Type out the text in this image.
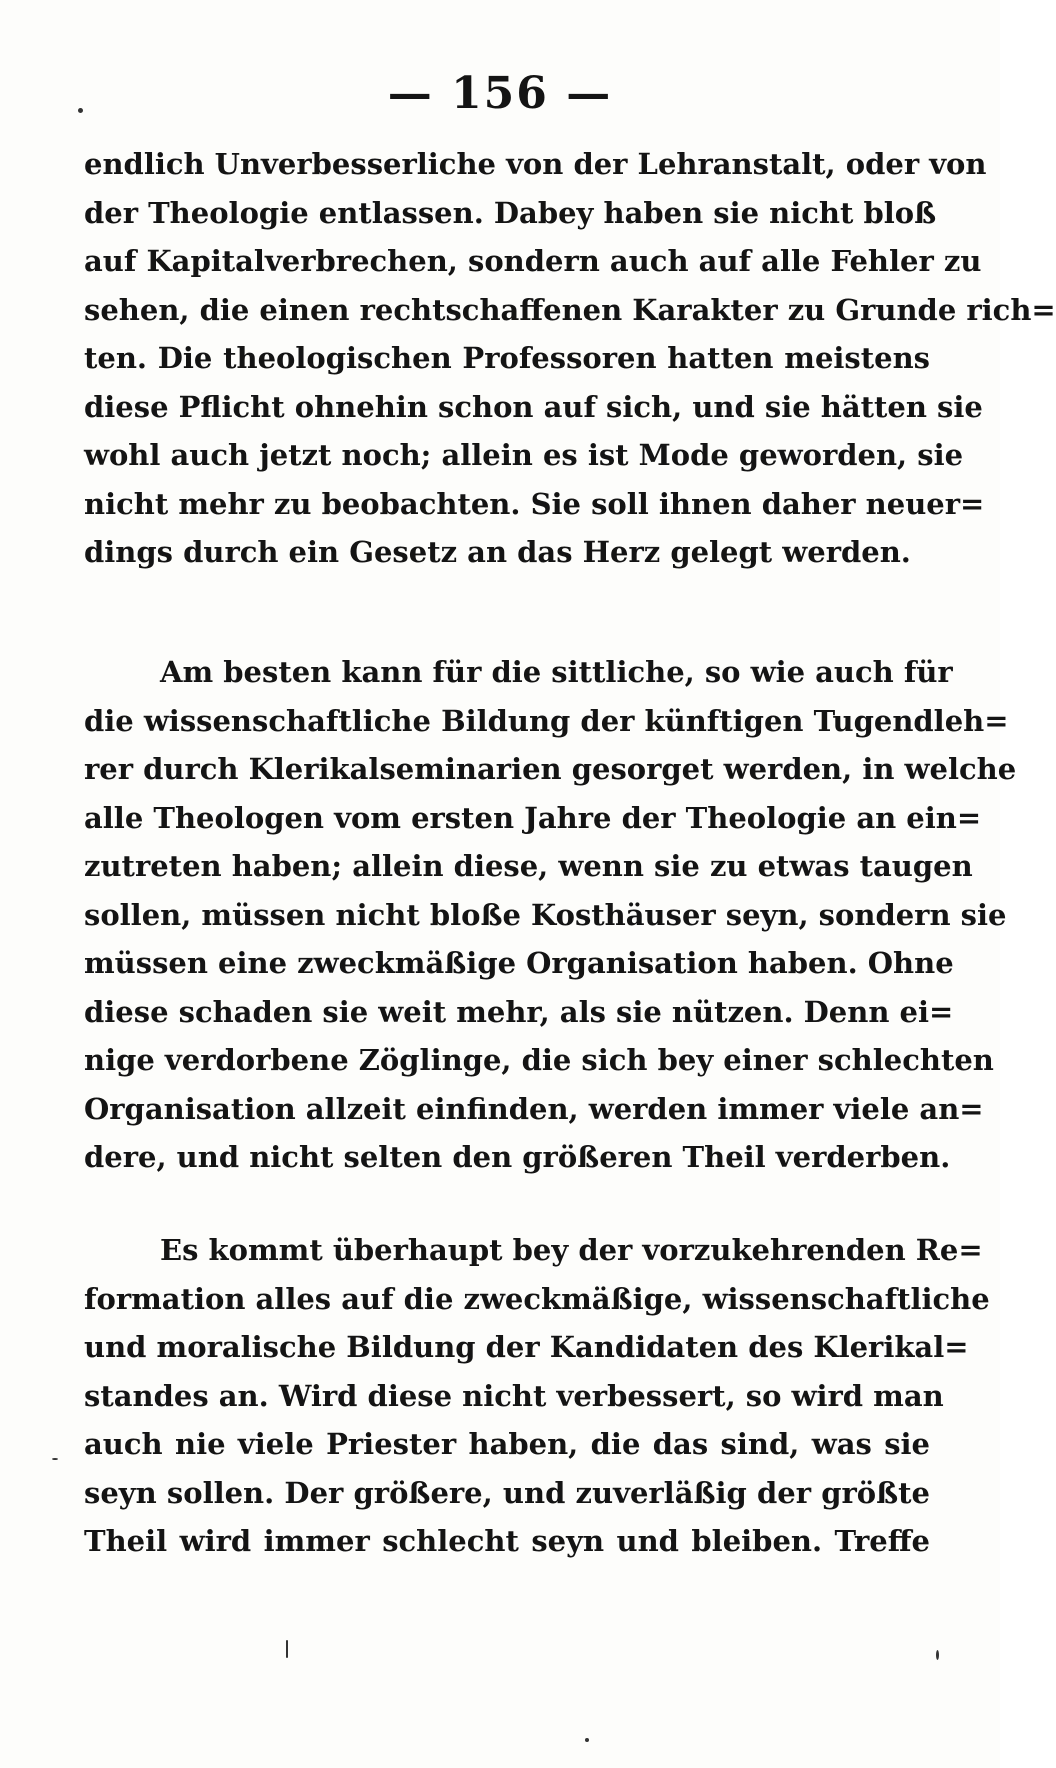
— 156 —
endlich Unverbesserliche von der Lehranstalt, oder von
der Theologie entlassen. Dabey haben sie nicht bloß
auf Kapitalverbrechen, sondern auch auf alle Fehler zu
sehen, die einen rechtschaffenen Karakter zu Grunde rich=
ten. Die theologischen Professoren hatten meistens
diese Pflicht ohnehin schon auf sich, und sie hätten sie
wohl auch jetzt noch; allein es ist Mode geworden, sie
nicht mehr zu beobachten. Sie soll ihnen daher neuer=
dings durch ein Gesetz an das Herz gelegt werden.
Am besten kann für die sittliche, so wie auch für
die wissenschaftliche Bildung der künftigen Tugendleh=
rer durch Klerikalseminarien gesorget werden, in welche
alle Theologen vom ersten Jahre der Theologie an ein=
zutreten haben; allein diese, wenn sie zu etwas taugen
sollen, müssen nicht bloße Kosthäuser seyn, sondern sie
müssen eine zweckmäßige Organisation haben. Ohne
diese schaden sie weit mehr, als sie nützen. Denn ei=
nige verdorbene Zöglinge, die sich bey einer schlechten
Organisation allzeit einfinden, werden immer viele an=
dere, und nicht selten den größeren Theil verderben.
Es kommt überhaupt bey der vorzukehrenden Re=
formation alles auf die zweckmäßige, wissenschaftliche
und moralische Bildung der Kandidaten des Klerikal=
standes an. Wird diese nicht verbessert, so wird man
auch nie viele Priester haben, die das sind, was sie
seyn sollen. Der größere, und zuverläßig der größte
Theil wird immer schlecht seyn und bleiben. Treffe
